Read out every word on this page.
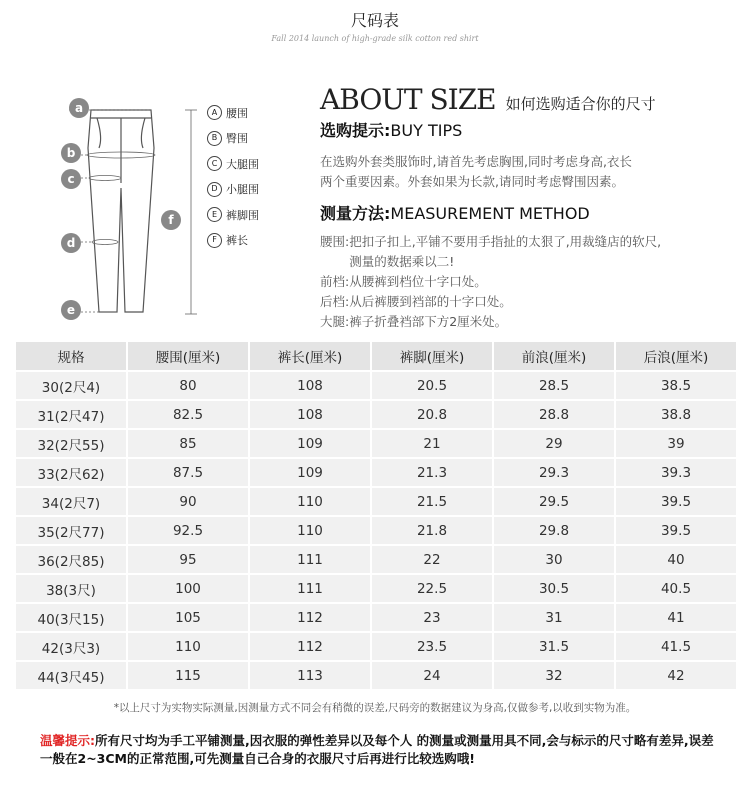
尺码表
Fall 2014 launch of high-grade silk cotton red shirt
a
b
c
d
e
f
A 腰围
B 臀围
C 大腿围
D 小腿围
E 裤脚围
F 裤长
ABOUT SIZE 如何选购适合你的尺寸
选购提示:BUY TIPS
在选购外套类服饰时,请首先考虑胸围,同时考虑身高,衣长
两个重要因素。外套如果为长款,请同时考虑臀围因素。
测量方法:MEASUREMENT METHOD
腰围: 把扣子扣上,平铺不要用手指扯的太狠了,用裁缝店的软尺,
测量的数据乘以二!
前档: 从腰裤到档位十字口处。
后档: 从后裤腰到裆部的十字口处。
大腿: 裤子折叠裆部下方2厘米处。
规格	腰围(厘米)	裤长(厘米)	裤脚(厘米)	前浪(厘米)	后浪(厘米)
30(2尺4)	80	108	20.5	28.5	38.5
31(2尺47)	82.5	108	20.8	28.8	38.8
32(2尺55)	85	109	21	29	39
33(2尺62)	87.5	109	21.3	29.3	39.3
34(2尺7)	90	110	21.5	29.5	39.5
35(2尺77)	92.5	110	21.8	29.8	39.5
36(2尺85)	95	111	22	30	40
38(3尺)	100	111	22.5	30.5	40.5
40(3尺15)	105	112	23	31	41
42(3尺3)	110	112	23.5	31.5	41.5
44(3尺45)	115	113	24	32	42
*以上尺寸为实物实际测量,因测量方式不同会有稍微的误差,尺码旁的数据建议为身高,仅做参考,以收到实物为准。
温馨提示:所有尺寸均为手工平铺测量,因衣服的弹性差异以及每个人 的测量或测量用具不同,会与标示的尺寸略有差异,误差一般在2~3CM的正常范围,可先测量自己合身的衣服尺寸后再进行比较选购哦!
